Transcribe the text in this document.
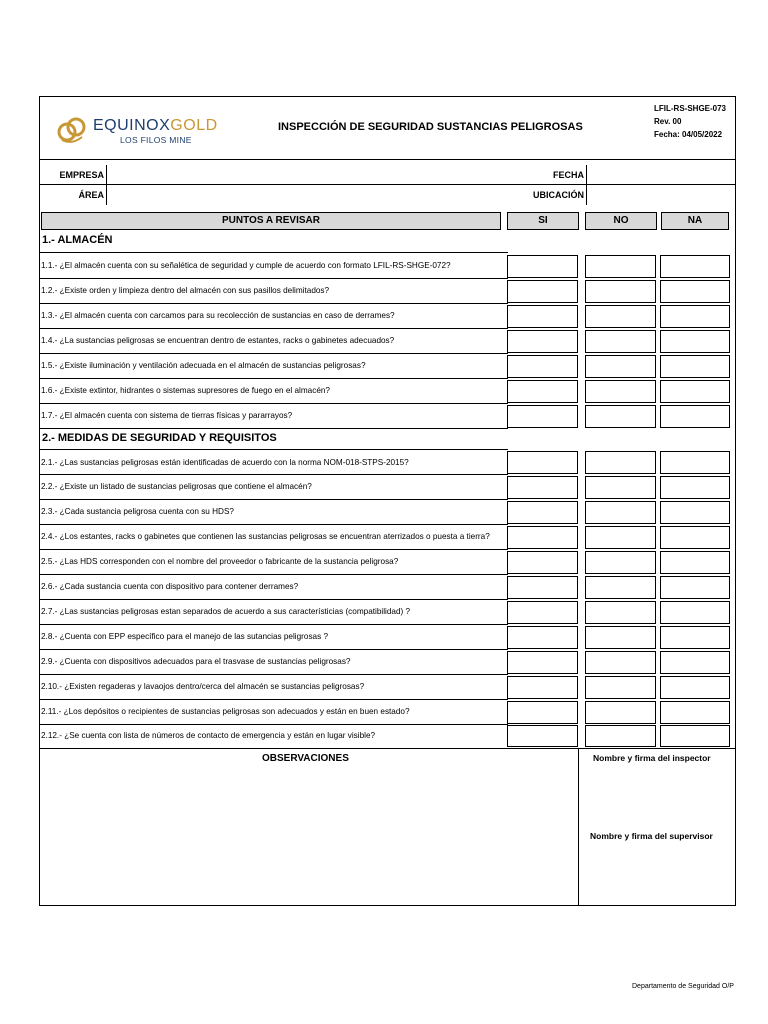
EQUINOXGOLD
LOS FILOS MINE
INSPECCIÓN DE SEGURIDAD SUSTANCIAS PELIGROSAS
LFIL-RS-SHGE-073
Rev. 00
Fecha: 04/05/2022
EMPRESA	FECHA
ÁREA	UBICACIÓN
PUNTOS A REVISAR	SI	NO	NA
1.- ALMACÉN
1.1.- ¿El almacén cuenta con su señalética de seguridad y cumple de acuerdo con formato LFIL-RS-SHGE-072?
1.2.- ¿Existe orden y limpieza dentro del almacén con sus pasillos delimitados?
1.3.- ¿El almacén cuenta con carcamos para su recolección de sustancias en caso de derrames?
1.4.- ¿La sustancias peligrosas se encuentran dentro de estantes, racks o gabinetes adecuados?
1.5.- ¿Existe iluminación y ventilación adecuada en el almacén de sustancias peligrosas?
1.6.- ¿Existe extintor, hidrantes o sistemas supresores de fuego en el almacén?
1.7.- ¿El almacén cuenta con sistema de tierras físicas y pararrayos?
2.- MEDIDAS DE SEGURIDAD Y REQUISITOS
2.1.- ¿Las sustancias peligrosas están identificadas de acuerdo con la norma NOM-018-STPS-2015?
2.2.- ¿Existe un listado de sustancias peligrosas que contiene el almacén?
2.3.- ¿Cada sustancia peligrosa cuenta con su HDS?
2.4.- ¿Los estantes, racks o gabinetes que contienen las sustancias peligrosas se encuentran aterrizados o puesta a tierra?
2.5.- ¿Las HDS corresponden con el nombre del proveedor o fabricante de la sustancia peligrosa?
2.6.- ¿Cada sustancia cuenta con dispositivo para contener derrames?
2.7.- ¿Las sustancias peligrosas estan separados de acuerdo a sus característicias (compatibilidad) ?
2.8.- ¿Cuenta con EPP específico para el manejo de las sutancias peligrosas ?
2.9.- ¿Cuenta con dispositivos adecuados para el trasvase de sustancias peligrosas?
2.10.- ¿Existen regaderas y lavaojos dentro/cerca del almacén se sustancias peligrosas?
2.11.- ¿Los depósitos o recipientes de sustancias peligrosas son adecuados y están en buen estado?
2.12.- ¿Se cuenta con lista de números de contacto de emergencia y están en lugar visible?
OBSERVACIONES	Nombre y firma del inspector
Nombre y firma del supervisor
Departamento de Seguridad O/P
